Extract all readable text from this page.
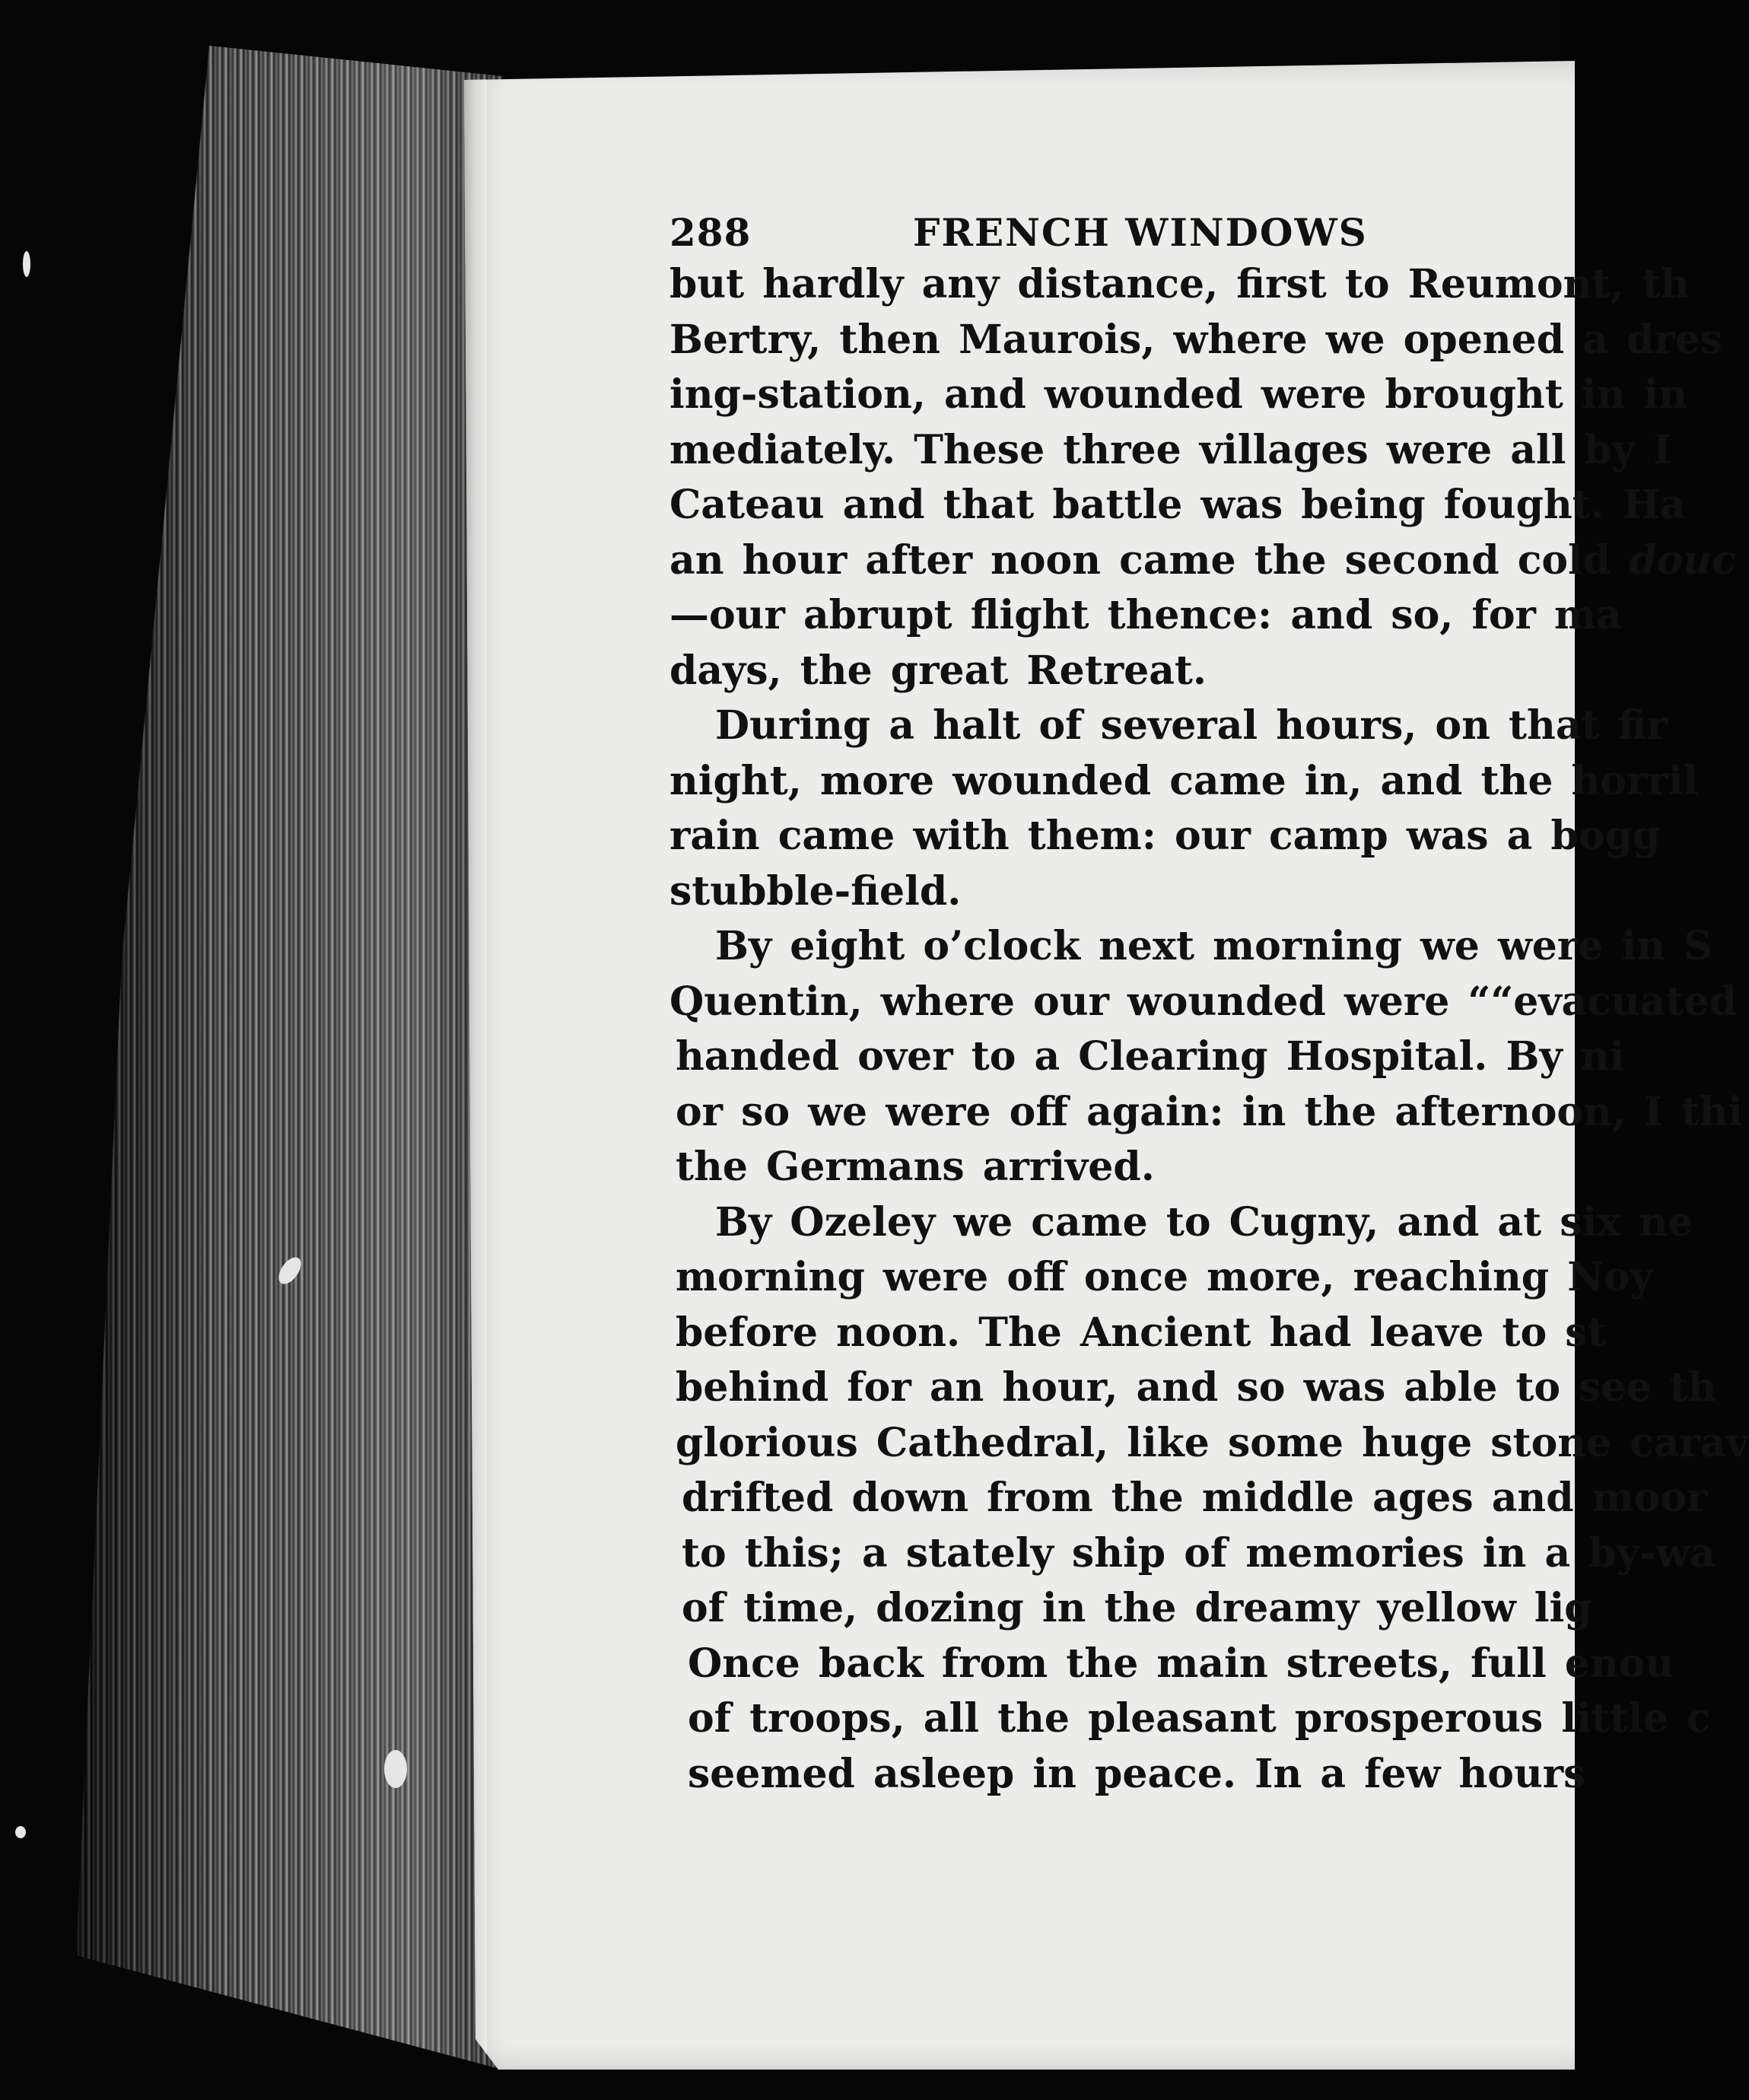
288	FRENCH WINDOWS
but hardly any distance, first to Reumont, th
Bertry, then Maurois, where we opened a dres
ing-station, and wounded were brought in in
mediately. These three villages were all by I
Cateau and that battle was being fought. Ha
an hour after noon came the second cold douc
—our abrupt flight thence: and so, for ma
days, the great Retreat.
During a halt of several hours, on that fir
night, more wounded came in, and the horril
rain came with them: our camp was a bogg
stubble-field.
By eight o’clock next morning we were in S
Quentin, where our wounded were ““evacuated
handed over to a Clearing Hospital. By ni
or so we were off again: in the afternoon, I thi
the Germans arrived.
By Ozeley we came to Cugny, and at six ne
morning were off once more, reaching Noy
before noon. The Ancient had leave to st
behind for an hour, and so was able to see th
glorious Cathedral, like some huge stone carav
drifted down from the middle ages and moor
to this; a stately ship of memories in a by-wa
of time, dozing in the dreamy yellow lig
Once back from the main streets, full enou
of troops, all the pleasant prosperous little c
seemed asleep in peace. In a few hours
